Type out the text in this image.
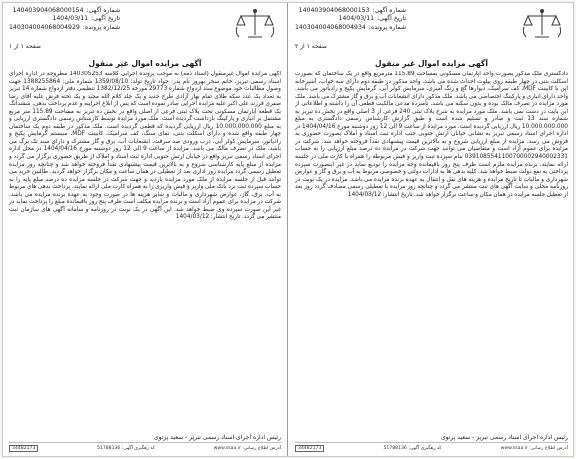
شماره آگهی:140403904068000154
تاریخ آگهی:1404/03/11
شماره پرونده:140304004068004929
صفحه ۱ از ۱
آگهی مزایده اموال غیر منقول

آگهی مزایده اموال غیرمنقول (اسناد ذمه) به موجب پرونده اجرایی کلاسه 140305253 مطروحه در اداره اجرای اسناد رسمی تبریز، خانم سحر بهروز نام پدر: جواد تاریخ تولد: 1359/08/10 شماره ملی: 1388255864 جهت وصول مطالبات خود موضوع سند ازدواج شماره 29773 مورخه 1382/12/25 تنظیمی دفتر ازدواج شماره 14 تبریز به تعداد یک عدد سکه طلای تمام بهار آزادی طرح جدید و یک جلد کلام الله مجید و یک تخته فرش علیه آقای رضا صفری فرزند علی اکبر علیه مزایده اجرایی صادر نموده است که پس از ابلاغ اجراییه و عدم پرداخت بدهی، ششدانگ یک قطعه آپارتمان مسکونی تحت پلاک ثبتی فرعی از اصلی واقع در بخش ده تبریز به مساحت 115.89 متر مربع مشتمل بر انباری و پارکینگ بازداشت گردیده است. ملک مورد مزایده توسط کارشناس رسمی دادگستری ارزیابی و به مبلغ 10.000.000.000 ریال ارزیابی گردیده که قطعی گردیده است. ملک مذکور در طبقه دوم یک ساختمان چهار طبقه واقع شده و دارای اسکلت بتنی، نمای سنگ، کف سرامیک، کابینت MDF، سیستم گرمایش پکیج و رادیاتور، سرمایش کولر آبی، درب ورودی ضد سرقت، انشعابات آب، برق و گاز مشترک و دارای سند تک برگ می باشد. ملک در تصرف مالک می باشد. مزایده از ساعت 9 الی 12 روز دوشنبه مورخ 1404/04/16 در محل اداره اجرای اسناد رسمی تبریز واقع در خیابان ارتش جنوبی اداره ثبت اسناد و املاک از طریق حضوری برگزار می گردد و مزایده از مبلغ پایه کارشناسی شروع و به بالاترین قیمت پیشنهادی نقداً فروخته خواهد شد و چنانچه روز مزایده تعطیل رسمی گردد مزایده روز اداری بعد از تعطیلی در همان ساعت و مکان برگزار خواهد گردید. طالبین خرید می توانند قبل از جلسه مزایده از ملک مورد مزایده بازدید و جهت شرکت در جلسه مزایده ده درصد مبلغ پایه را به حساب سپرده ثبت نزد بانک ملی واریز و فیش واریزی را به همراه کارت ملی ارائه نمایند. پرداخت بدهی های مربوط به آب، برق، گاز، عوارض شهرداری و مالیات و سایر هزینه ها در صورت وجود به عهده برنده مزایده می باشد. شرکت در مزایده برای عموم آزاد است و برنده مزایده مکلف است ظرف پنج روز باقیمانده مبلغ را پرداخت نماید در غیر این صورت سپرده وی ضبط خواهد شد. این آگهی در یک نوبت در روزنامه و سامانه آگهی های سازمان ثبت منتشر می گردد. تاریخ انتشار: 1404/03/12

رئیس اداره اجرای اسناد رسمی تبریز - سعید پرتوی
آدرس اطلاع رسانی: www.ssaa.ir
کد رهگیری آگهی: 51788136
34482173
شماره آگهی:140403904068000153
تاریخ آگهی:1404/03/11
شماره پرونده:140304004068004934
صفحه ۱ از ۲
آگهی مزایده اموال غیر منقول

دادگستری ملک مذکور بصورت واحد آپارتمان مسکونی بمساحت 115.89 مترمربع واقع در یک ساختمان که بصورت اسکلت بتنی در چهار طبقه روی پیلوت احداث شده می باشد. واحد مذکور در طبقه دوم دارای سه خواب، آشپزخانه اپن با کابینت MDF، کف سرامیک، دیوارها گچ و رنگ آمیزی، سرمایش کولر آبی، گرمایش پکیج و رادیاتور می باشد. واحد دارای انباری و پارکینگ اختصاصی می باشد. ملک مذکور دارای انشعابات آب و برق و گاز مشترک می باشد. ملک مورد مزایده در تصرف مالک بوده و بدون سکنه می باشد. نامبرده مدعی مالکیت قطعی آن را داشته و اطلاعاتی از این بابت در دست نمی باشد. ملک مورد مزایده به شرح پلاک ثبتی 240 فرعی از 3 اصلی واقع در بخش ده تبریز به شماره سند 13 ثبت و صادر و تسلیم شده است و طبق گزارش کارشناس رسمی دادگستری به مبلغ 10.000.000.000 ریال ارزیابی گردیده است. مورد مزایده از ساعت 9 الی 12 روز دوشنبه مورخ 1404/04/16 در اداره اجرای اسناد رسمی تبریز به نشانی خیابان ارتش جنوبی جنب اداره ثبت اسناد و املاک بصورت حضوری به فروش می رسد. مزایده از مبلغ ارزیابی شروع و به بالاترین قیمت پیشنهادی نقداً فروخته خواهد شد. شرکت در مزایده برای عموم آزاد است و متقاضیان می توانند جهت شرکت در مزایده ده درصد مبلغ ارزیابی را به حساب 0391085541100700002940002331 بنام سپرده ثبت واریز و فیش مربوطه را همراه با کارت ملی در جلسه ارائه نمایند. برنده مزایده ملزم است ظرف پنج روز باقیمانده وجه مزایده را تودیع نماید در غیر اینصورت سپرده پرداختی به نفع دولت ضبط خواهد شد. کلیه بدهی ها به ادارات دولتی و خصوصی مربوط به آب و برق و گاز و عوارض شهرداری و مالیات تا تاریخ مزایده و هزینه های نقل و انتقال به عهده برنده مزایده می باشد. مزایده در یک نوبت در روزنامه محلی و سایت آگهی های ثبت منتشر می گردد و چنانچه روز مزایده با تعطیلی رسمی مصادف گردد روز بعد از تعطیل جلسه مزایده در همان مکان و ساعت برگزار خواهد شد. تاریخ انتشار: 1404/03/12

رئیس اداره اجرای اسناد رسمی تبریز - سعید پرتوی
آدرس اطلاع رسانی: www.ssaa.ir
کد رهگیری آگهی: 51788136
34482173
